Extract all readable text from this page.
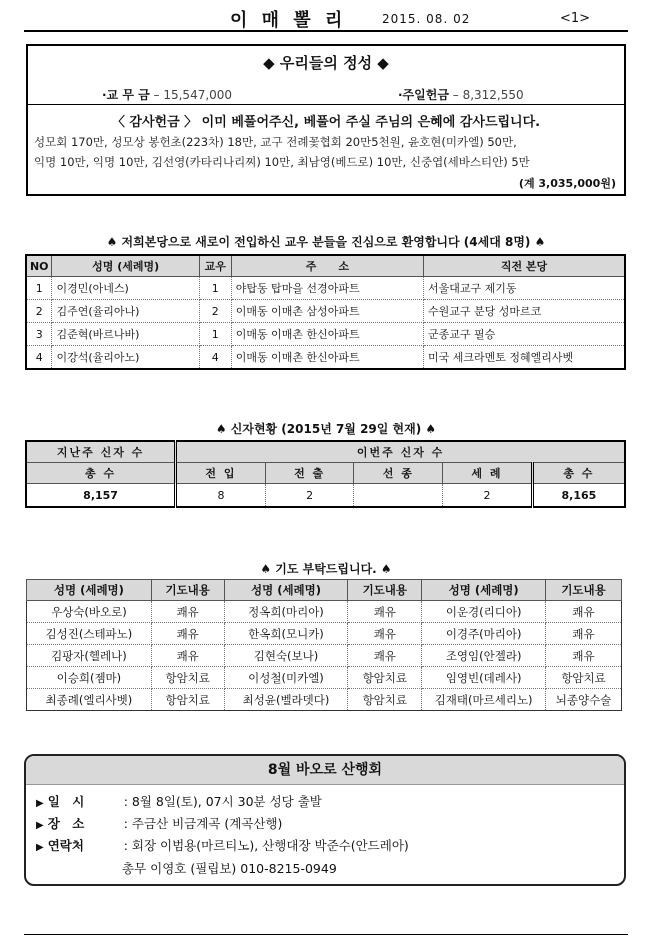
이 매 뽈 리	2015. 08. 02	<1>
◆ 우리들의 정성 ◆
·교 무 금 – 15,547,000	·주일헌금 – 8,312,550
〈 감사헌금 〉 이미 베풀어주신, 베풀어 주실 주님의 은혜에 감사드립니다.
성모회 170만, 성모상 봉헌초(223차) 18만, 교구 전례꽃협회 20만5천원, 윤호현(미카엘) 50만,
익명 10만, 익명 10만, 김선영(카타리나리찌) 10만, 최남영(베드로) 10만, 신중엽(세바스티안) 5만
(계 3,035,000원)
♠ 저희본당으로 새로이 전입하신 교우 분들을 진심으로 환영합니다 (4세대 8명) ♠
NO	성명 (세례명)	교우	주　　소	직전 본당
1	이경민(아네스)	1	야탑동 탑마을 선경아파트	서울대교구 제기동
2	김주연(율리아나)	2	이매동 이매촌 삼성아파트	수원교구 분당 성마르코
3	김준혁(바르나바)	1	이매동 이매촌 한신아파트	군종교구 필승
4	이강석(율리아노)	4	이매동 이매촌 한신아파트	미국 세크라멘토 정혜엘리사벳
♠ 신자현황 (2015년 7월 29일 현재) ♠
지난주 신자 수	이번주 신자 수				
총 수	전 입	전 출	선 종	세 례	총 수
8,157	8	2		2	8,165
♠ 기도 부탁드립니다. ♠
성명 (세례명)	기도내용	성명 (세례명)	기도내용	성명 (세례명)	기도내용
우상숙(바오로)	쾌유	정옥희(마리아)	쾌유	이운경(리디아)	쾌유
김성진(스테파노)	쾌유	한옥희(모니카)	쾌유	이경주(마리아)	쾌유
김팡자(헬레나)	쾌유	김현숙(보나)	쾌유	조영임(안젤라)	쾌유
이승희(젬마)	항암치료	이성철(미카엘)	항암치료	임영빈(데레사)	항암치료
최종례(엘리사벳)	항암치료	최성윤(벨라뎃다)	항암치료	김재태(마르세리노)	뇌종양수술
8월 바오로 산행회
▶ 일　시	: 8월 8일(토), 07시 30분 성당 출발
▶ 장　소	: 주금산 비금계곡 (계곡산행)
▶ 연락처	: 회장 이범용(마르티노), 산행대장 박준수(안드레아)
총무 이영호 (필립보) 010-8215-0949
